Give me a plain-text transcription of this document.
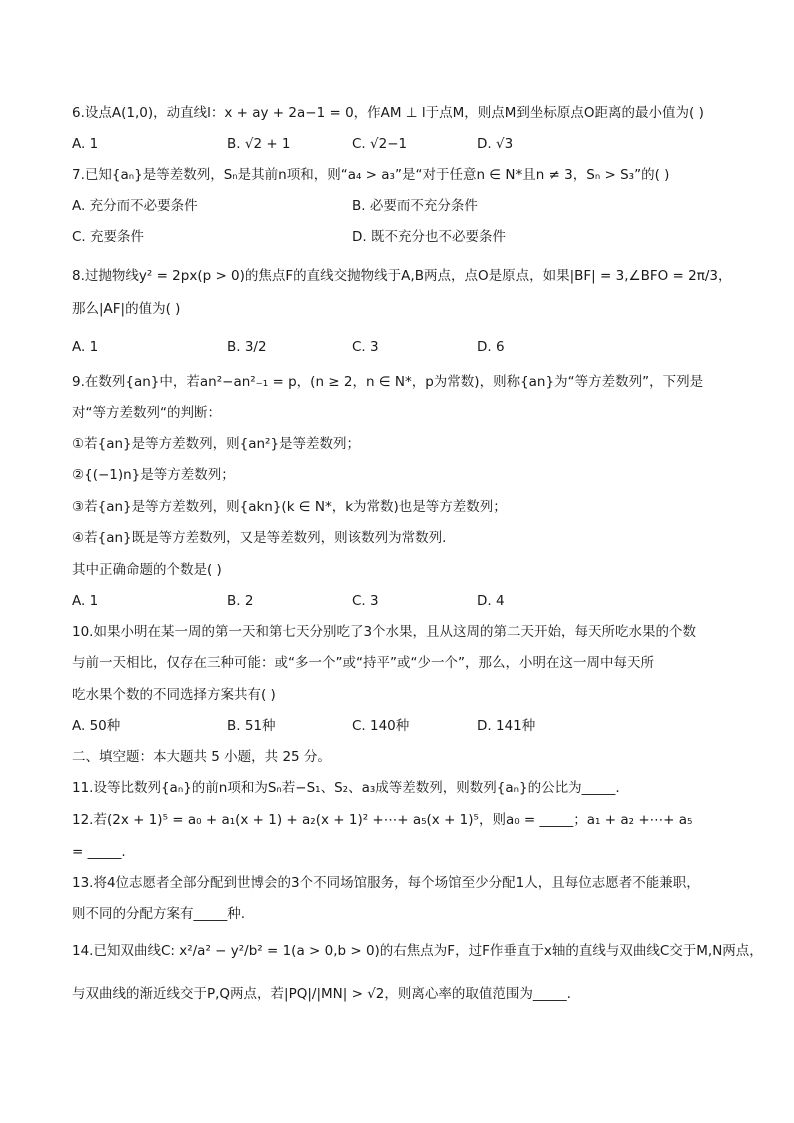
6.设点A(1,0)，动直线l：x + ay + 2a−1 = 0，作AM ⊥ l于点M，则点M到坐标原点O距离的最小值为( )
A. 1	B. √2 + 1	C. √2−1	D. √3
7.已知{aₙ}是等差数列，Sₙ是其前n项和，则“a₄ > a₃”是“对于任意n ∈ N*且n ≠ 3，Sₙ > S₃”的( )
A. 充分而不必要条件	B. 必要而不充分条件
C. 充要条件	D. 既不充分也不必要条件
8.过抛物线y² = 2px(p > 0)的焦点F的直线交抛物线于A,B两点，点O是原点，如果|BF| = 3,∠BFO = 2π/3，
那么|AF|的值为( )
A. 1	B. 3/2	C. 3	D. 6
9.在数列{an}中，若an²−an²₋₁ = p，(n ≥ 2，n ∈ N*，p为常数)，则称{an}为“等方差数列”，下列是
对“等方差数列“的判断：
①若{an}是等方差数列，则{an²}是等差数列；
②{(−1)n}是等方差数列；
③若{an}是等方差数列，则{akn}(k ∈ N*，k为常数)也是等方差数列；
④若{an}既是等方差数列，又是等差数列，则该数列为常数列.
其中正确命题的个数是( )
A. 1	B. 2	C. 3	D. 4
10.如果小明在某一周的第一天和第七天分别吃了3个水果，且从这周的第二天开始，每天所吃水果的个数
与前一天相比，仅存在三种可能：或“多一个”或“持平”或“少一个”，那么，小明在这一周中每天所
吃水果个数的不同选择方案共有( )
A. 50种	B. 51种	C. 140种	D. 141种
二、填空题：本大题共 5 小题，共 25 分。
11.设等比数列{aₙ}的前n项和为Sₙ若−S₁、S₂、a₃成等差数列，则数列{aₙ}的公比为_____.
12.若(2x + 1)⁵ = a₀ + a₁(x + 1) + a₂(x + 1)² +⋯+ a₅(x + 1)⁵，则a₀ = _____；a₁ + a₂ +⋯+ a₅
= _____.
13.将4位志愿者全部分配到世博会的3个不同场馆服务，每个场馆至少分配1人，且每位志愿者不能兼职，
则不同的分配方案有_____种.
14.已知双曲线C: x²/a² − y²/b² = 1(a > 0,b > 0)的右焦点为F，过F作垂直于x轴的直线与双曲线C交于M,N两点，
与双曲线的渐近线交于P,Q两点，若|PQ|/|MN| > √2，则离心率的取值范围为_____.
